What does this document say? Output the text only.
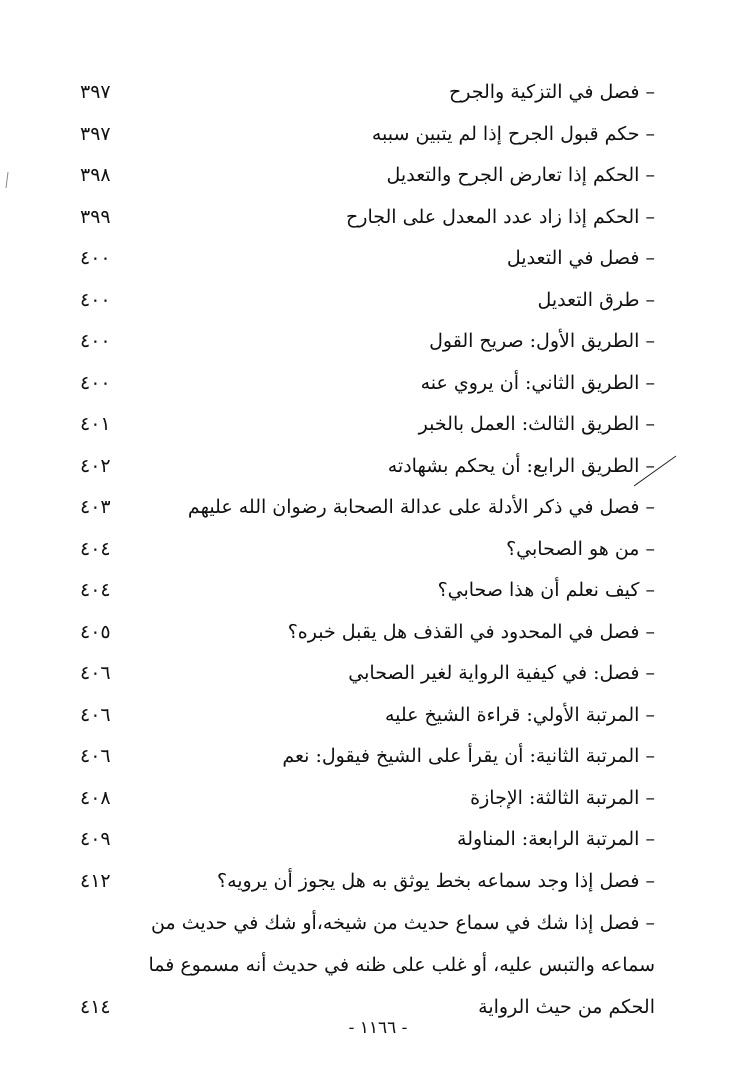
– فصل في التزكية والجرح
٣٩٧
– حكم قبول الجرح إذا لم يتبين سببه
٣٩٧
– الحكم إذا تعارض الجرح والتعديل
٣٩٨
– الحكم إذا زاد عدد المعدل على الجارح
٣٩٩
– فصل في التعديل
٤٠٠
– طرق التعديل
٤٠٠
– الطريق الأول: صريح القول
٤٠٠
– الطريق الثاني: أن يروي عنه
٤٠٠
– الطريق الثالث: العمل بالخبر
٤٠١
– الطريق الرابع: أن يحكم بشهادته
٤٠٢
– فصل في ذكر الأدلة على عدالة الصحابة رضوان الله عليهم
٤٠٣
– من هو الصحابي؟
٤٠٤
– كيف نعلم أن هذا صحابي؟
٤٠٤
– فصل في المحدود في القذف هل يقبل خبره؟
٤٠٥
– فصل: في كيفية الرواية لغير الصحابي
٤٠٦
– المرتبة الأولي: قراءة الشيخ عليه
٤٠٦
– المرتبة الثانية: أن يقرأ على الشيخ فيقول: نعم
٤٠٦
– المرتبة الثالثة: الإجازة
٤٠٨
– المرتبة الرابعة: المناولة
٤٠٩
– فصل إذا وجد سماعه بخط يوثق به هل يجوز أن يرويه؟
٤١٢
– فصل إذا شك في سماع حديث من شيخه،أو شك في حديث من
سماعه والتبس عليه، أو غلب على ظنه في حديث أنه مسموع فما
الحكم من حيث الرواية
٤١٤
- ١١٦٦ -
